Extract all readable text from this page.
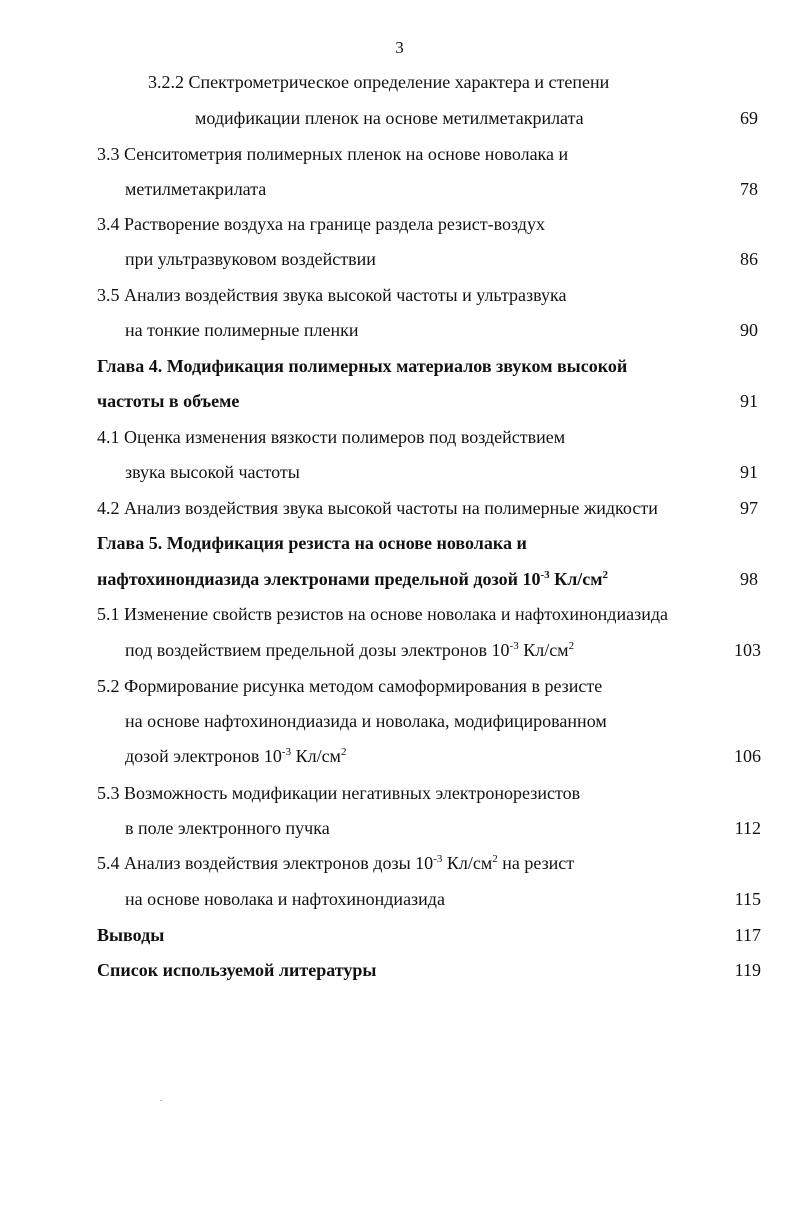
3
3.2.2 Спектрометрическое определение характера и степени
модификации пленок на основе метилметакрилата	69
3.3 Сенситометрия полимерных пленок на основе новолака и
метилметакрилата	78
3.4 Растворение воздуха на границе раздела резист-воздух
при ультразвуковом воздействии	86
3.5 Анализ воздействия звука высокой частоты и ультразвука
на тонкие полимерные пленки	90
Глава 4. Модификация полимерных материалов звуком высокой
частоты в объеме	91
4.1 Оценка изменения вязкости полимеров под воздействием
звука высокой частоты	91
4.2 Анализ воздействия звука высокой частоты на полимерные жидкости	97
Глава 5. Модификация резиста на основе новолака и
нафтохинондиазида электронами предельной дозой $10^{-3}$ $Кл/см^2$	98
5.1 Изменение свойств резистов на основе новолака и нафтохинондиазида
под воздействием предельной дозы электронов $10^{-3}$ $Кл/см^2$	103
5.2 Формирование рисунка методом самоформирования в резисте
на основе нафтохинондиазида и новолака, модифицированном
дозой электронов $10^{-3}$ $Кл/см^2$	106
5.3 Возможность модификации негативных электронорезистов
в поле электронного пучка	112
5.4 Анализ воздействия электронов дозы $10^{-3}$ $Кл/см^2$ на резист
на основе новолака и нафтохинондиазида	115
Выводы	117
Список используемой литературы	119
